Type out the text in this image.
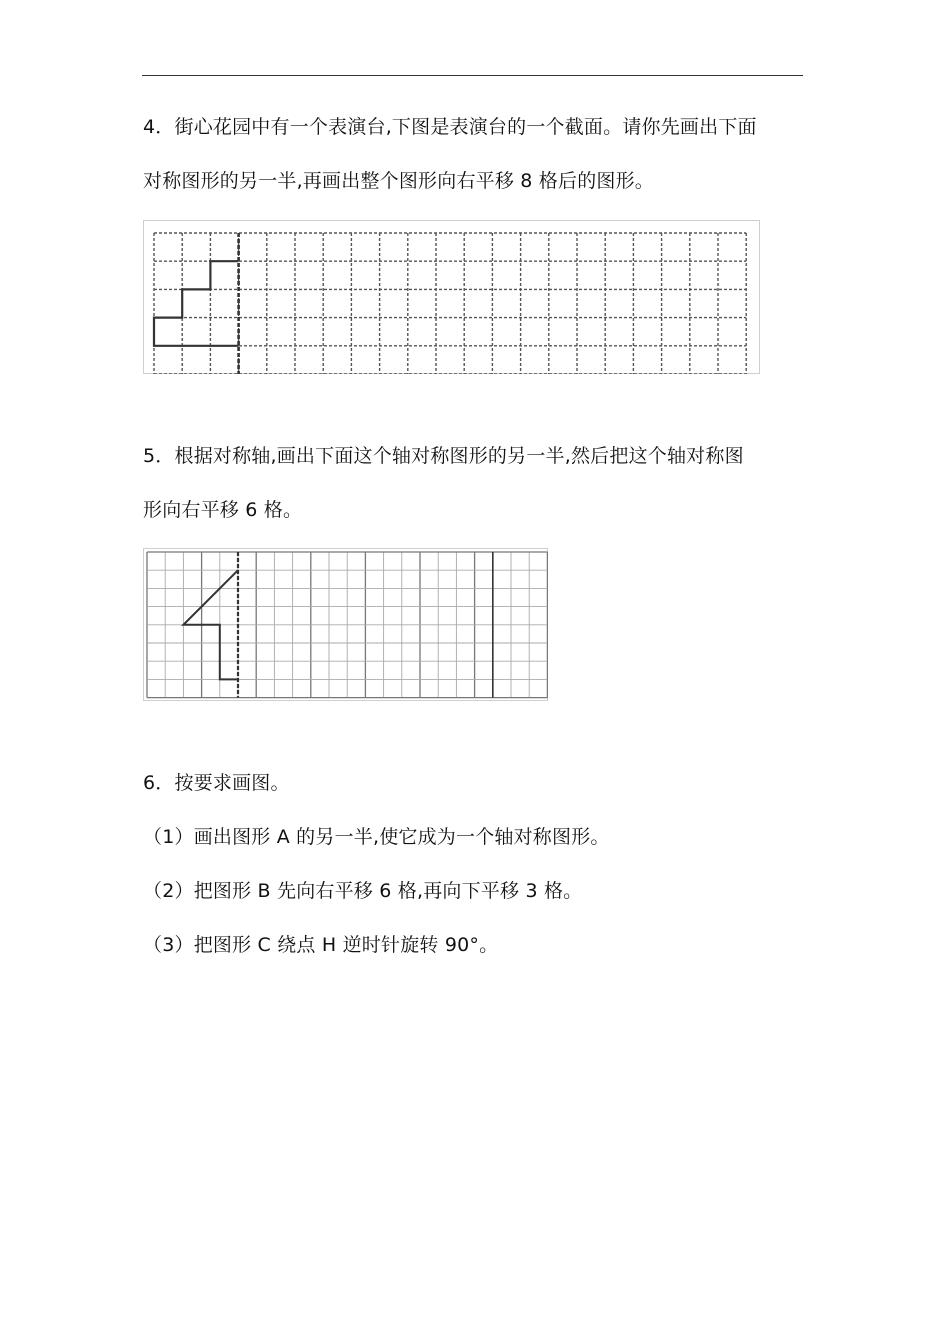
4．街心花园中有一个表演台,下图是表演台的一个截面。请你先画出下面
对称图形的另一半,再画出整个图形向右平移 8 格后的图形。
5．根据对称轴,画出下面这个轴对称图形的另一半,然后把这个轴对称图
形向右平移 6 格。
6．按要求画图。
（1）画出图形 A 的另一半,使它成为一个轴对称图形。
（2）把图形 B 先向右平移 6 格,再向下平移 3 格。
（3）把图形 C 绕点 H 逆时针旋转 90°。
